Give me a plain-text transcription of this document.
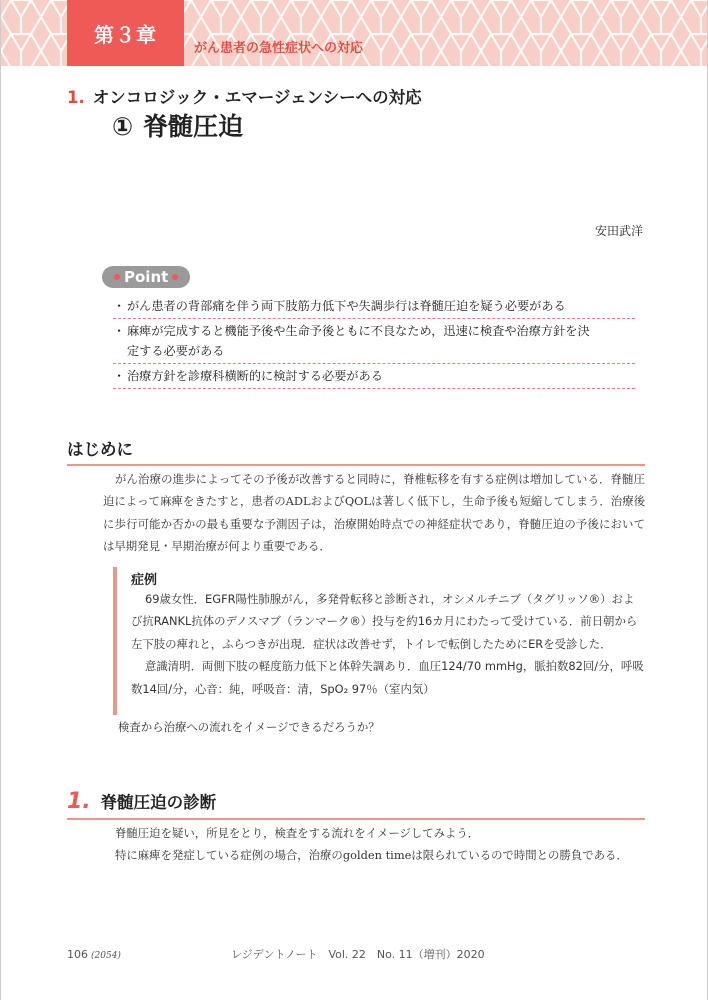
第３章
がん患者の急性症状への対応
1. オンコロジック・エマージェンシーへの対応
① 脊髄圧迫
安田武洋
Point
・ がん患者の背部痛を伴う両下肢筋力低下や失調歩行は脊髄圧迫を疑う必要がある
・ 麻痺が完成すると機能予後や生命予後ともに不良なため，迅速に検査や治療方針を決
定する必要がある
・ 治療方針を診療科横断的に検討する必要がある
はじめに

がん治療の進歩によってその予後が改善すると同時に，脊椎転移を有する症例は増加している．脊髄圧迫によって麻痺をきたすと，患者のADLおよびQOLは著しく低下し，生命予後も短縮してしまう．治療後に歩行可能か否かの最も重要な予測因子は，治療開始時点での神経症状であり，脊髄圧迫の予後においては早期発見・早期治療が何より重要である．

症例

69歳女性．EGFR陽性肺腺がん，多発骨転移と診断され，オシメルチニブ（タグリッソ®）および抗RANKL抗体のデノスマブ（ランマーク®）投与を約16カ月にわたって受けている．前日朝から左下肢の痺れと，ふらつきが出現．症状は改善せず，トイレで転倒したためにERを受診した．

意識清明．両側下肢の軽度筋力低下と体幹失調あり．血圧124/70 mmHg，脈拍数82回/分，呼吸数14回/分，心音：純，呼吸音：清，SpO₂ 97％（室内気）

検査から治療への流れをイメージできるだろうか？
1. 脊髄圧迫の診断
脊髄圧迫を疑い，所見をとり，検査をする流れをイメージしてみよう．
特に麻痺を発症している症例の場合，治療のgolden timeは限られているので時間との勝負である．
106 (2054)	レジデントノート　Vol. 22　No. 11（増刊）2020
